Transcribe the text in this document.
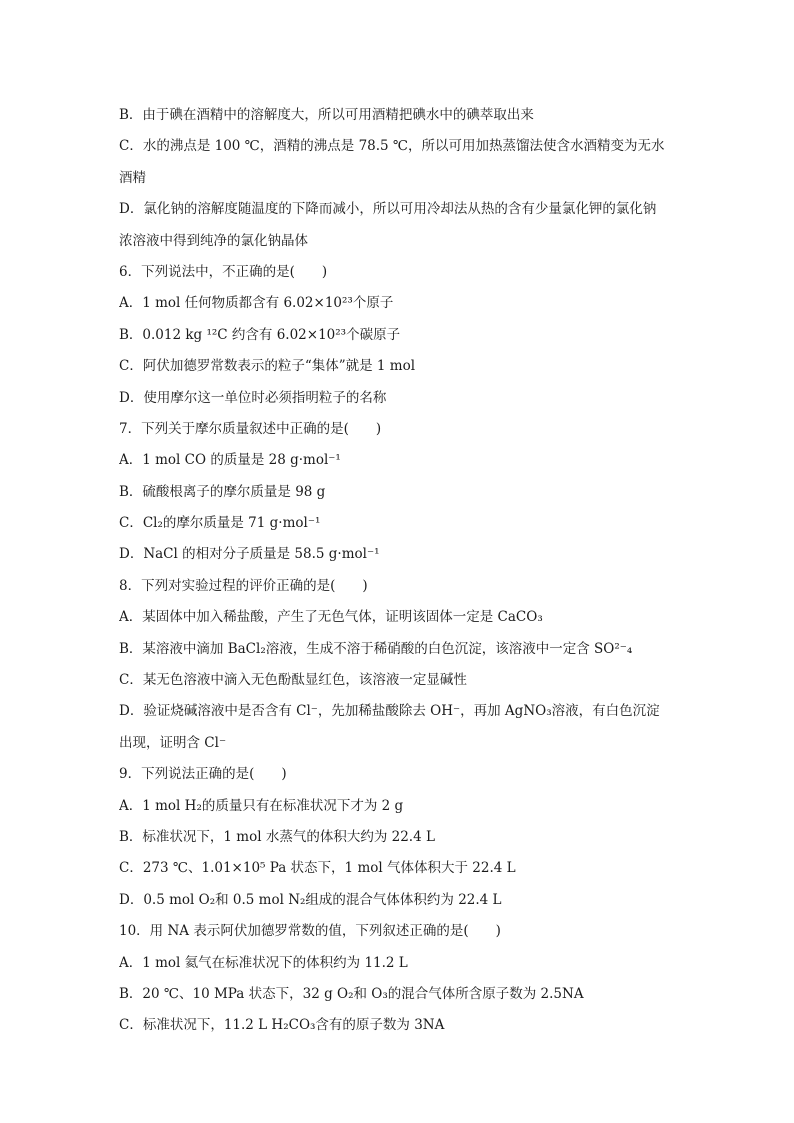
B．由于碘在酒精中的溶解度大，所以可用酒精把碘水中的碘萃取出来
C．水的沸点是 100 ℃，酒精的沸点是 78.5 ℃，所以可用加热蒸馏法使含水酒精变为无水
酒精
D．氯化钠的溶解度随温度的下降而减小，所以可用冷却法从热的含有少量氯化钾的氯化钠
浓溶液中得到纯净的氯化钠晶体
6．下列说法中，不正确的是(　　)
A．1 mol 任何物质都含有 6.02×10²³个原子
B．0.012 kg ¹²C 约含有 6.02×10²³个碳原子
C．阿伏加德罗常数表示的粒子“集体”就是 1 mol
D．使用摩尔这一单位时必须指明粒子的名称
7．下列关于摩尔质量叙述中正确的是(　　)
A．1 mol CO 的质量是 28 g·mol⁻¹
B．硫酸根离子的摩尔质量是 98 g
C．Cl₂的摩尔质量是 71 g·mol⁻¹
D．NaCl 的相对分子质量是 58.5 g·mol⁻¹
8．下列对实验过程的评价正确的是(　　)
A．某固体中加入稀盐酸，产生了无色气体，证明该固体一定是 CaCO₃
B．某溶液中滴加 BaCl₂溶液，生成不溶于稀硝酸的白色沉淀，该溶液中一定含 SO²⁻₄
C．某无色溶液中滴入无色酚酞显红色，该溶液一定显碱性
D．验证烧碱溶液中是否含有 Cl⁻，先加稀盐酸除去 OH⁻，再加 AgNO₃溶液，有白色沉淀
出现，证明含 Cl⁻
9．下列说法正确的是(　　)
A．1 mol H₂的质量只有在标准状况下才为 2 g
B．标准状况下，1 mol 水蒸气的体积大约为 22.4 L
C．273 ℃、1.01×10⁵ Pa 状态下，1 mol 气体体积大于 22.4 L
D．0.5 mol O₂和 0.5 mol N₂组成的混合气体体积约为 22.4 L
10．用 NA 表示阿伏加德罗常数的值，下列叙述正确的是(　　)
A．1 mol 氦气在标准状况下的体积约为 11.2 L
B．20 ℃、10 MPa 状态下，32 g O₂和 O₃的混合气体所含原子数为 2.5NA
C．标准状况下，11.2 L H₂CO₃含有的原子数为 3NA
